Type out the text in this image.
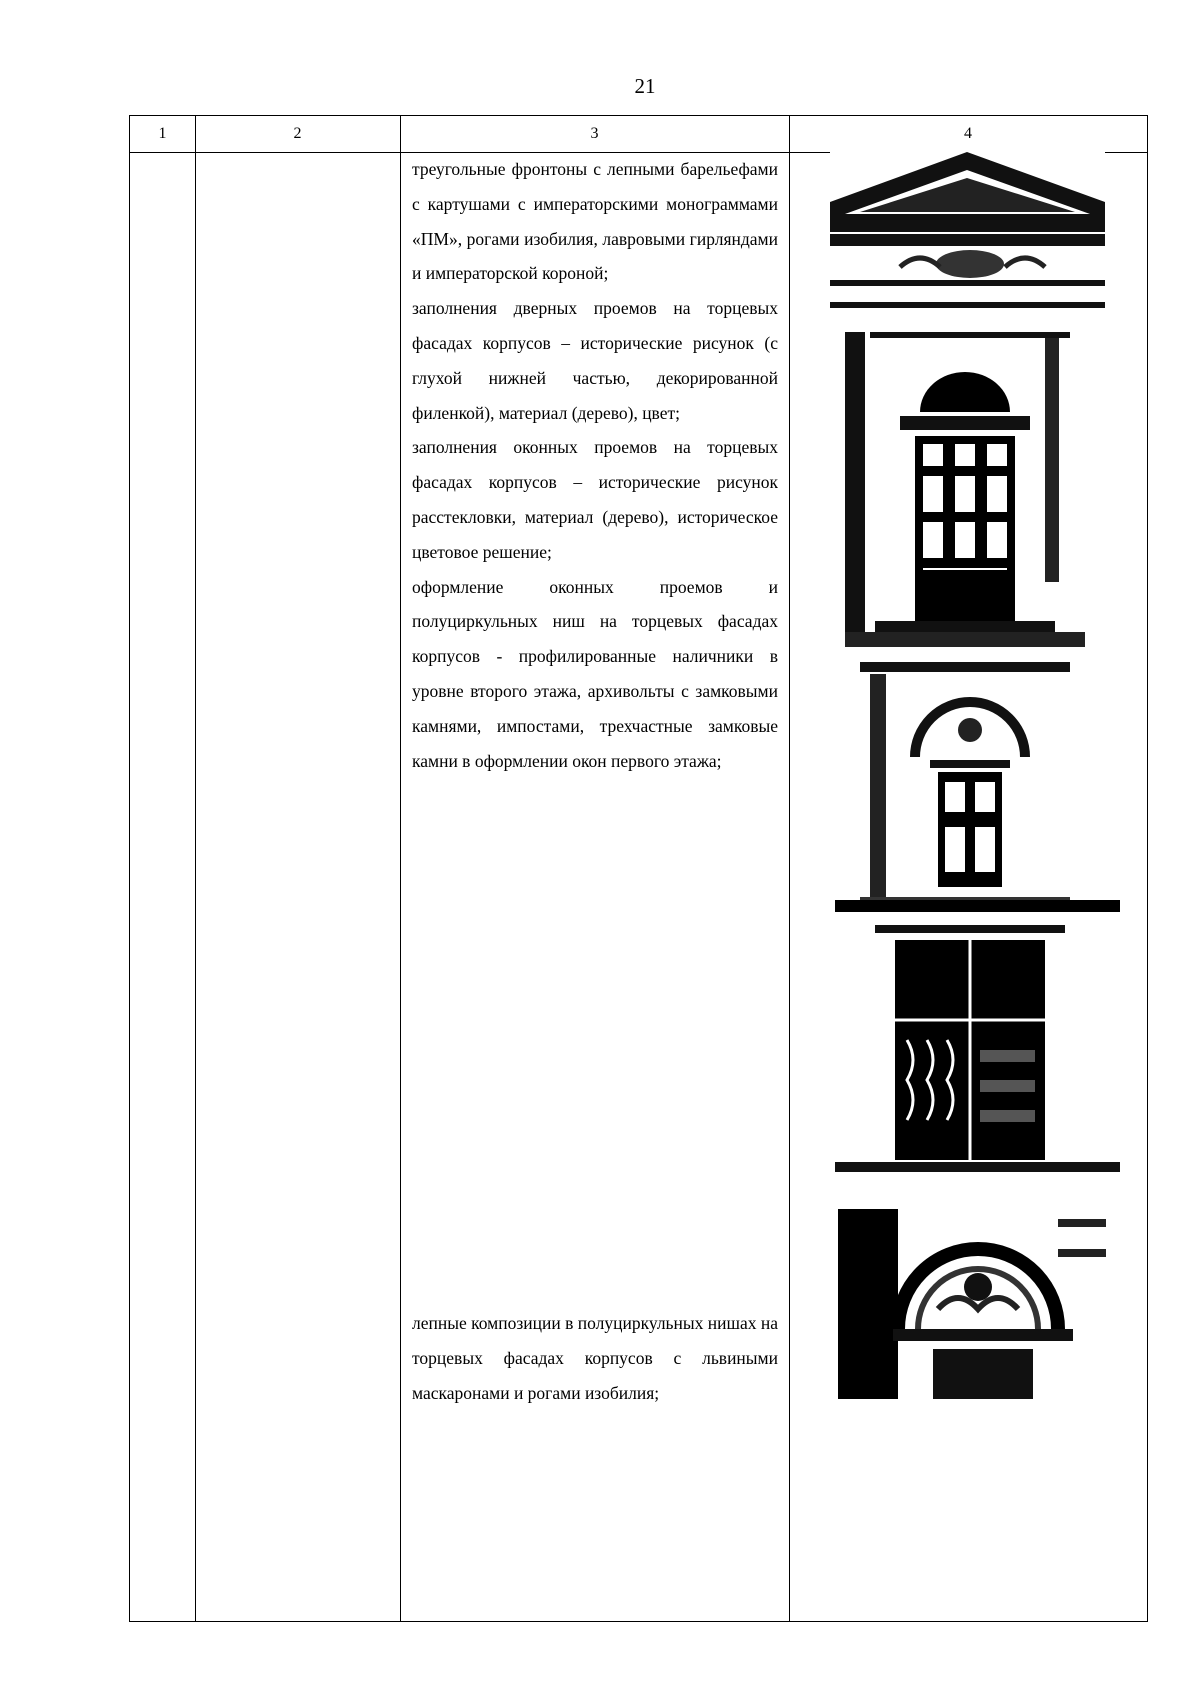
21
1	2	3	4

треугольные фронтоны с лепными барельефами с картушами с императорскими монограммами «ПМ», рогами изобилия, лавровыми гирляндами и императорской короной;

заполнения дверных проемов на торцевых фасадах корпусов – исторические рисунок (с глухой нижней частью, декорированной филенкой), материал (дерево), цвет;

заполнения оконных проемов на торцевых фасадах корпусов – исторические рисунок расстекловки, материал (дерево), историческое цветовое решение;

оформление оконных проемов и полуциркульных ниш на торцевых фасадах корпусов - профилированные наличники в уровне второго этажа, архивольты с замковыми камнями, импостами, трехчастные замковые камни в оформлении окон первого этажа;

лепные композиции в полуциркульных нишах на торцевых фасадах корпусов с львиными маскаронами и рогами изобилия;
